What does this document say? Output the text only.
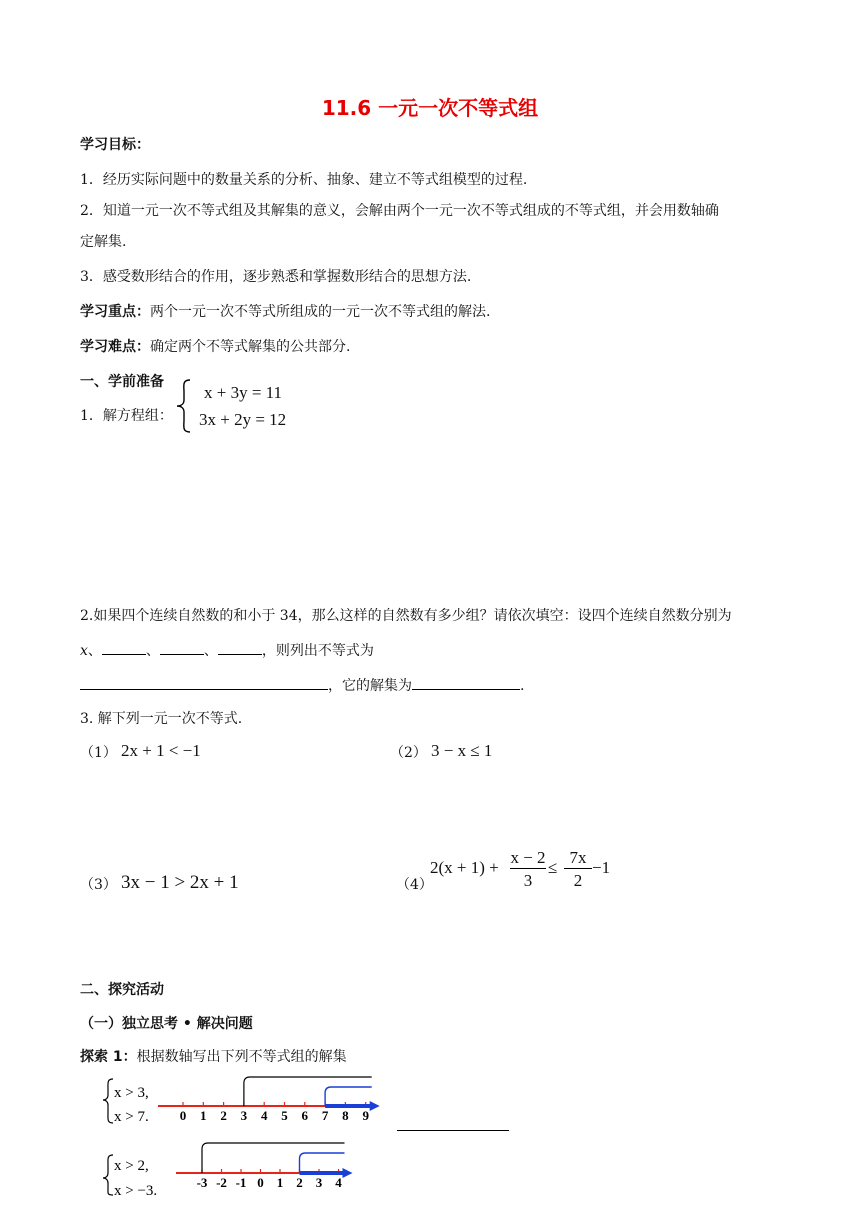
11.6 一元一次不等式组
学习目标：
1．经历实际问题中的数量关系的分析、抽象、建立不等式组模型的过程.
2．知道一元一次不等式组及其解集的意义，会解由两个一元一次不等式组成的不等式组，并会用数轴确
定解集.
3．感受数形结合的作用，逐步熟悉和掌握数形结合的思想方法.
学习重点：两个一元一次不等式所组成的一元一次不等式组的解法.
学习难点：确定两个不等式解集的公共部分.
一、学前准备
1．解方程组：
x + 3y = 11
3x + 2y = 12
2.如果四个连续自然数的和小于 34，那么这样的自然数有多少组？请依次填空：设四个连续自然数分别为
x、	、	、	，则列出不等式为
，它的解集为	.
3. 解下列一元一次不等式.
（1） 2x + 1 < −1	（2） 3 − x ≤ 1
（3） 3x − 1 > 2x + 1	（4）
2(x + 1) +
x − 2
3
≤
7x
2
−1
二、探究活动
（一）独立思考 • 解决问题
探索 1：根据数轴写出下列不等式组的解集
x > 3,
x > 7. 0 1 2 3 4 5 6 7 8 9
x > 2,
x > −3.
-3 -2 -1 0 1 2 3 4
